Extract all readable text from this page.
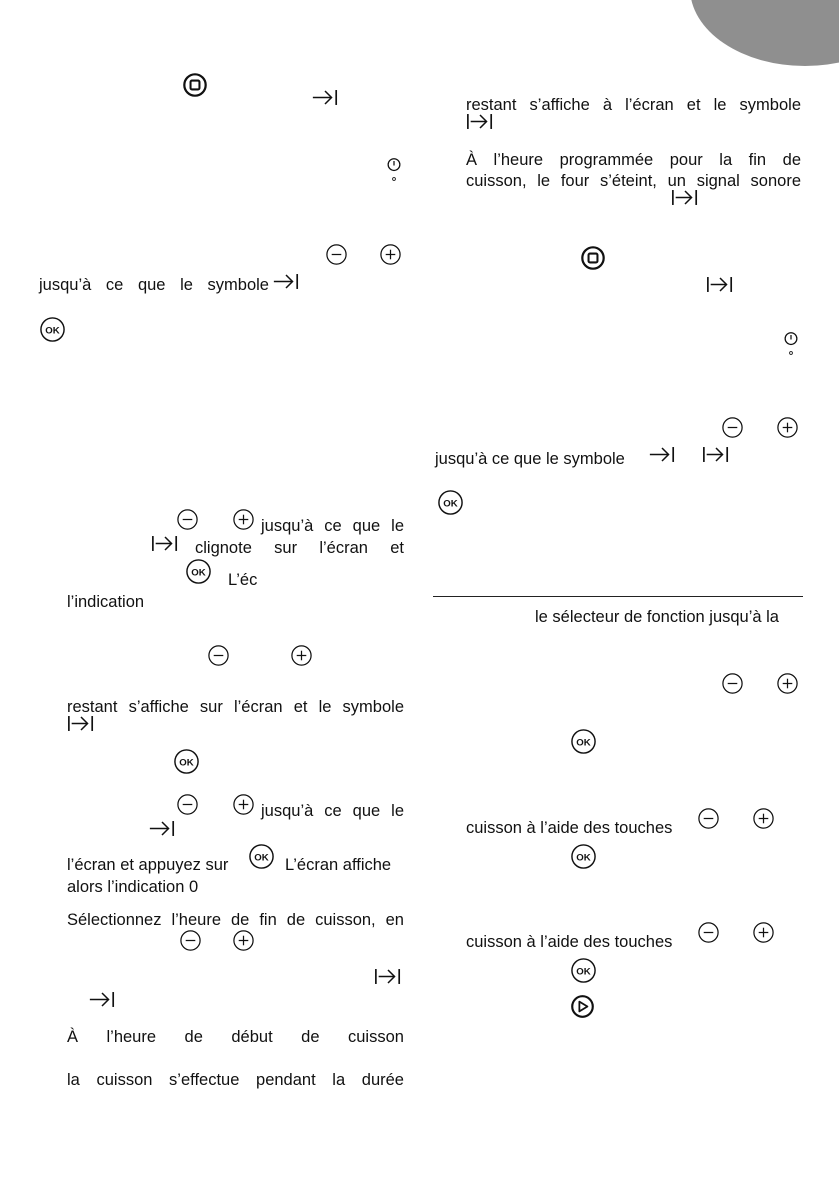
jusqu’à ce que le symbole
jusqu’à ce que le
clignote sur l’écran et
L’éc
l’indication
restant s’affiche sur l’écran et le symbole
jusqu’à ce que le
l’écran et appuyez sur	L’écran affiche
alors l’indication 0
Sélectionnez l’heure de fin de cuisson, en
À l’heure de début de cuisson
la cuisson s’effectue pendant la durée
restant s’affiche à l’écran et le symbole
À l’heure programmée pour la fin de
cuisson, le four s’éteint, un signal sonore
jusqu’à ce que le symbole
le sélecteur de fonction jusqu’à la
cuisson à l’aide des touches
cuisson à l’aide des touches
